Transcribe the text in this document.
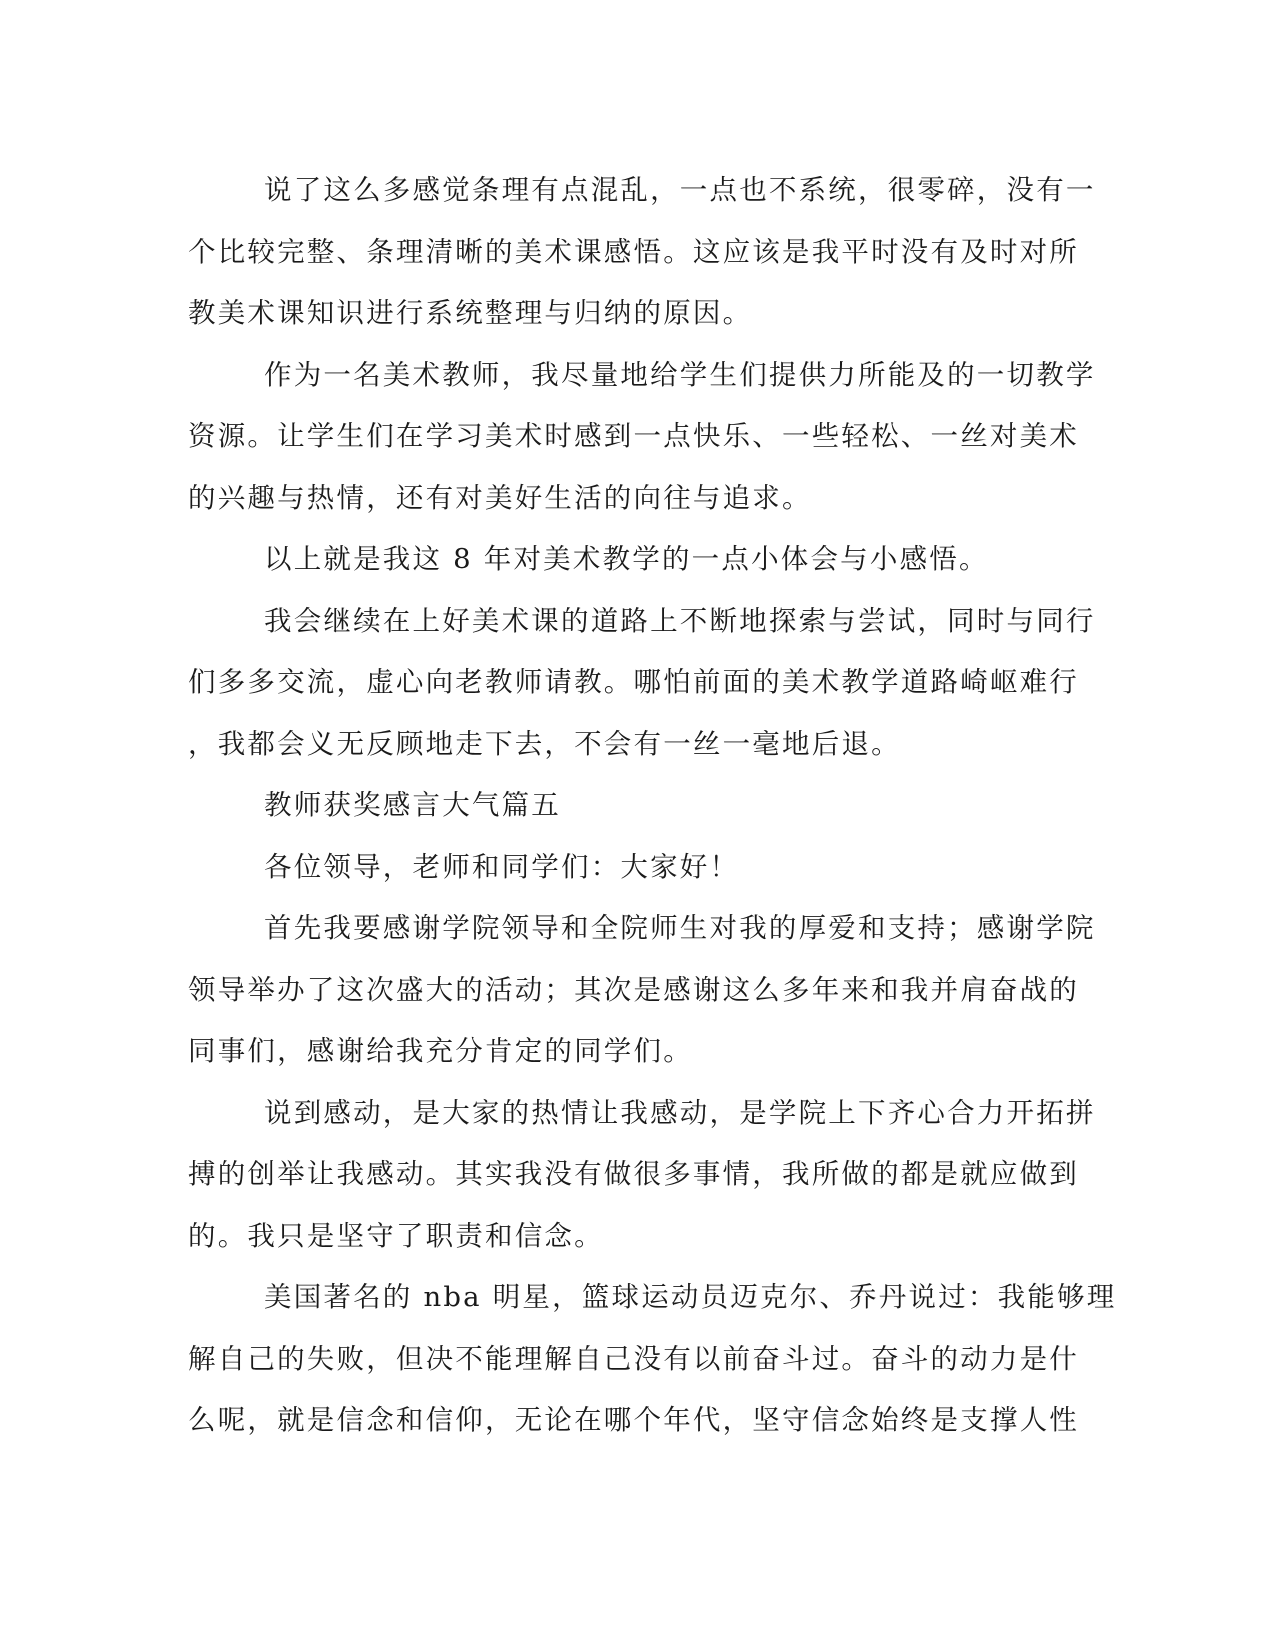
说了这么多感觉条理有点混乱，一点也不系统，很零碎，没有一
个比较完整、条理清晰的美术课感悟。这应该是我平时没有及时对所
教美术课知识进行系统整理与归纳的原因。

作为一名美术教师，我尽量地给学生们提供力所能及的一切教学
资源。让学生们在学习美术时感到一点快乐、一些轻松、一丝对美术
的兴趣与热情，还有对美好生活的向往与追求。

以上就是我这 8 年对美术教学的一点小体会与小感悟。

我会继续在上好美术课的道路上不断地探索与尝试，同时与同行
们多多交流，虚心向老教师请教。哪怕前面的美术教学道路崎岖难行
，我都会义无反顾地走下去，不会有一丝一毫地后退。

教师获奖感言大气篇五

各位领导，老师和同学们：大家好！

首先我要感谢学院领导和全院师生对我的厚爱和支持；感谢学院
领导举办了这次盛大的活动；其次是感谢这么多年来和我并肩奋战的
同事们，感谢给我充分肯定的同学们。

说到感动，是大家的热情让我感动，是学院上下齐心合力开拓拼
搏的创举让我感动。其实我没有做很多事情，我所做的都是就应做到
的。我只是坚守了职责和信念。

美国著名的 nba 明星，篮球运动员迈克尔、乔丹说过：我能够理
解自己的失败，但决不能理解自己没有以前奋斗过。奋斗的动力是什
么呢，就是信念和信仰，无论在哪个年代，坚守信念始终是支撑人性
